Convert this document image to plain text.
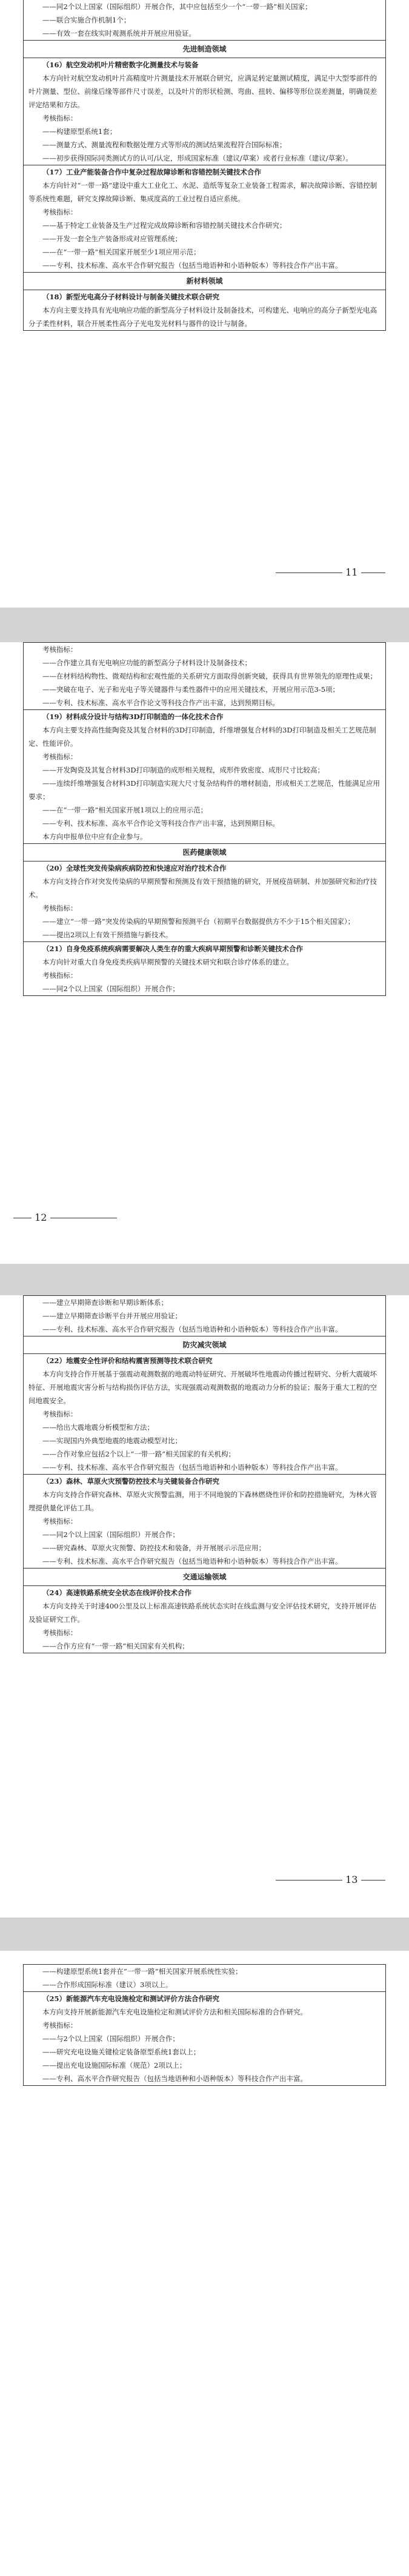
——同2个以上国家（国际组织）开展合作，其中应包括至少一个“一带一路”相关国家；
——联合实施合作机制1个；
——有效一套在线实时观测系统并开展应用验证。
先进制造领域
（16）航空发动机叶片精密数字化测量技术与装备
本方向针对航空发动机叶片高精度叶片测量技术开展联合研究，应满足转定量测试精度，满足中大型零部件的叶片测量、型位、前缘后缘等部件尺寸误差，以及叶片的形状检测、弯曲、扭转、偏移等形位误差测量，明确误差评定结果和方法。
考核指标：
——构建原型系统1套；
——测量方式、测量流程和数据处理方式等形成的测试结果流程符合国际标准；
——初步获得国际同类测试方的认可/认定，形成国家标准（建议/草案）或者行业标准（建议/草案）。
（17）工业产能装备合作中复杂过程故障诊断和容错控制关键技术合作
本方向针对“一带一路”建设中重大工业化工、水泥、造纸等复杂工业装备工程需求，解决故障诊断、容错控制等系统性难题，研究支撑故障诊断、集成度高的工业过程自适应系统。
考核指标：
——基于特定工业装备及生产过程完成故障诊断和容错控制关键技术合作研究；
——开发一套全生产装备形成对应管理系统；
——在“一带一路”相关国家开展至少1项应用示范；
——专利、技术标准、高水平合作研究报告（包括当地语种和小语种版本）等科技合作产出丰富。
新材料领域
（18）新型光电高分子材料设计与制备关键技术联合研究
本方向主要支持具有光电响应功能的新型高分子材料设计及制备技术，可构建光、电响应的高分子新型光电高分子柔性材料，联合开展柔性高分子光电发光材料与器件的设计与制备。
11
考核指标：
——合作建立具有光电响应功能的新型高分子材料设计及制备技术；
——在材料结构物性、微观结构和宏观性能的关系研究方面取得创新突破，获得具有世界领先的原理性成果；
——突破在电子、光子和光电子等关键器件与柔性器件中的应用关键技术，开展应用示范3-5项；
——专利、技术标准、高水平合作论文等科技合作产出丰富，达到预期目标。
（19）材料成分设计与结构3D打印制造的一体化技术合作
本方向主要支持高性能陶瓷及其复合材料的3D打印制造，纤维增强复合材料的3D打印制造及相关工艺规范制定、性能评价。
考核指标：
——开发陶瓷及其复合材料3D打印制造的成形相关规程，成形件致密度、成形尺寸比较高；
——连续纤维增强复合材料3D打印制造实现大尺寸复杂结构件的增材制造，形成相关工艺规范，性能满足应用要求；
——在“一带一路”相关国家开展1项以上的应用示范；
——专利、技术标准、高水平合作论文等科技合作产出丰富，达到预期目标。
本方向申报单位中应有企业参与。
医药健康领域
（20）全球性突发传染病疾病防控和快速应对治疗技术合作
本方向支持合作对突发传染病的早期预警和预测及有效干预措施的研究，开展疫苗研制、并加强研究和治疗技术。
考核指标：
——建立“一带一路”突发传染病的早期预警和预测平台（初期平台数据提供方不少于15个相关国家）；
——提出2项以上有效干预措施与新技术。
（21）自身免疫系统疾病需要解决人类生存的重大疾病早期预警和诊断关键技术合作
本方向针对重大自身免疫类疾病早期预警的关键技术研究和联合诊疗体系的建立。
考核指标：
——同2个以上国家（国际组织）开展合作；
12
——建立早期筛查诊断和早期诊断体系；
——建立早期筛查诊断平台并开展应用验证；
——专利、技术标准、高水平合作研究报告（包括当地语种和小语种版本）等科技合作产出丰富。
防灾减灾领域
（22）地震安全性评价和结构震害预测等技术联合研究
本方向支持合作开展基于强震动观测数据的地震动特征研究、开展破坏性地震动传播过程研究、分析大震破坏特征、开展地震灾害分析与结构损伤评估方法，实现强震动观测数据的地震动力分析的验证；服务于重大工程的空间地震安全。
考核指标：
——给出大震地震分析模型和方法；
——实现国内外典型地震的地震动模型对比；
——合作对象应包括2个以上“一带一路”相关国家的有关机构；
——专利、技术标准、高水平合作研究报告（包括当地语种和小语种版本）等科技合作产出丰富。
（23）森林、草原火灾预警防控技术与关键装备合作研究
本方向支持合作研究森林、草原火灾预警监测，用于不同地貌的下森林燃烧性评价和防控措施研究，为林火管理提供量化评估工具。
考核指标：
——同2个以上国家（国际组织）开展合作；
——研究森林、草原火灾预警、防控技术和装备，并开展展示示范应用；
——专利、技术标准、高水平合作研究报告（包括当地语种和小语种版本）等科技合作产出丰富。
交通运输领域
（24）高速铁路系统安全状态在线评价技术合作
本方向支持关于时速400公里及以上标准高速铁路系统状态实时在线监测与安全评估技术研究，支持开展评估及验证研究工作。
考核指标：
——合作方应有“一带一路”相关国家有关机构；
13
——构建原型系统1套并在“一带一路”相关国家开展系统性实验；
——合作形成国际标准（建议）3项以上。
（25）新能源汽车充电设施检定和测试评价方法合作研究
本方向支持开展新能源汽车充电设施检定和测试评价方法和相关国际标准的合作研究。
考核指标：
——与2个以上国家（国际组织）开展合作；
——研究充电设施关键检定装备原型系统1套以上；
——提出充电设施国际标准（规范）2项以上；
——专利、高水平合作研究报告（包括当地语种和小语种版本）等科技合作产出丰富。
